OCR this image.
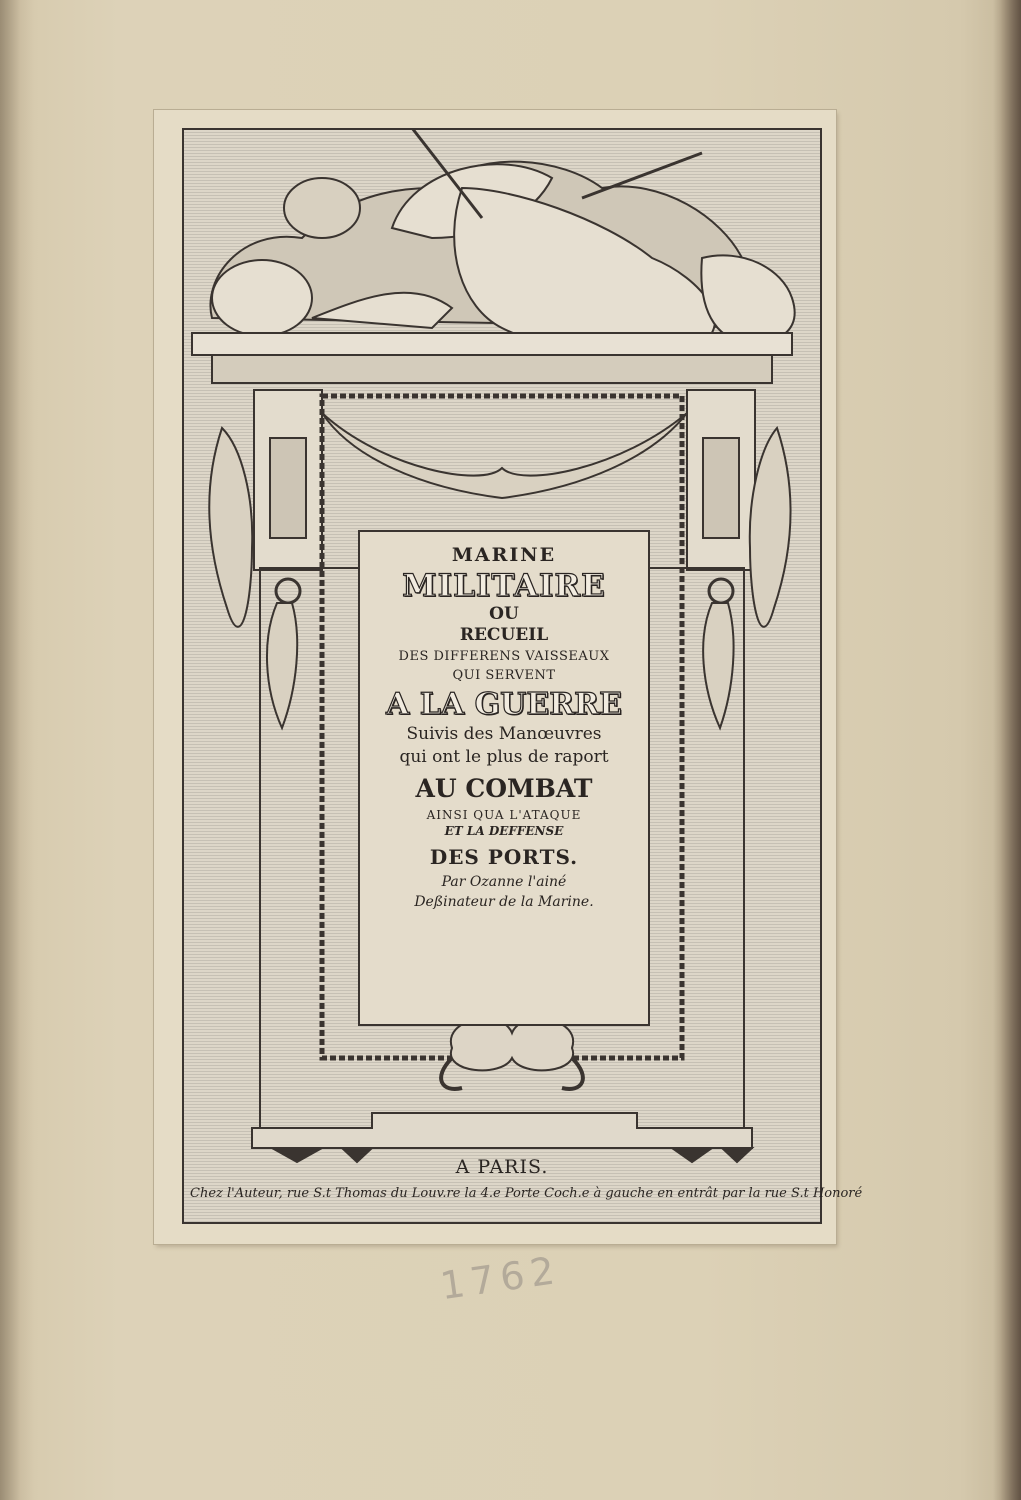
MARINE
MILITAIRE
OU
RECUEIL
DES DIFFERENS VAISSEAUX
QUI SERVENT
A LA GUERRE
Suivis des Manœuvres
qui ont le plus de raport
AU COMBAT
AINSI QUA L'ATAQUE
ET LA DEFFENSE
DES PORTS.
Par Ozanne l'ainé
Deßinateur de la Marine.
A PARIS.
Chez l'Auteur, rue S.t Thomas du Louv.re la 4.e Porte Coch.e à gauche en entrât par la rue S.t Honoré
1762
